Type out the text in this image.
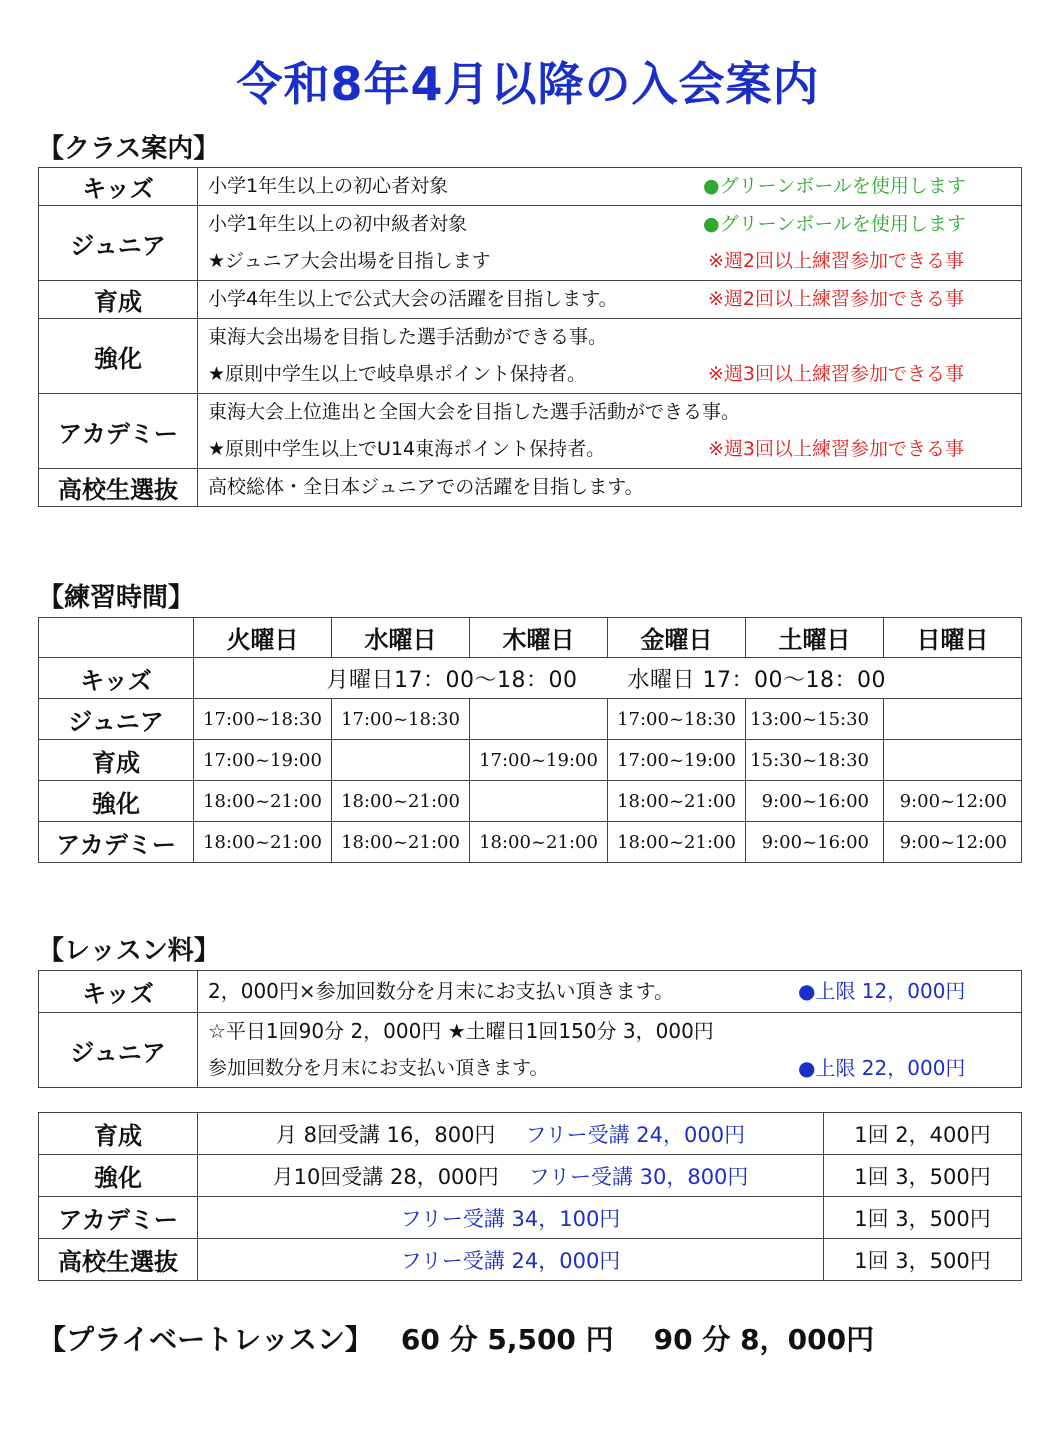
令和8年4月以降の入会案内
【クラス案内】
キッズ	小学1年生以上の初心者対象 ●グリーンボールを使用します

ジュニア	小学1年生以上の初中級者対象 ●グリーンボールを使用します
★ジュニア大会出場を目指します ※週2回以上練習参加できる事

育成	小学4年生以上で公式大会の活躍を目指します。 ※週2回以上練習参加できる事

強化	東海大会出場を目指した選手活動ができる事。
★原則中学生以上で岐阜県ポイント保持者。 ※週3回以上練習参加できる事

アカデミー	東海大会上位進出と全国大会を目指した選手活動ができる事。
★原則中学生以上でU14東海ポイント保持者。 ※週3回以上練習参加できる事

高校生選抜	高校総体・全日本ジュニアでの活躍を目指します。
【練習時間】
	火曜日	水曜日	木曜日	金曜日	土曜日	日曜日
キッズ	月曜日17：00～18：00 水曜日 17：00～18：00					
ジュニア	17:00~18:30	17:00~18:30		17:00~18:30	13:00~15:30	
育成	17:00~19:00		17:00~19:00	17:00~19:00	15:30~18:30	
強化	18:00~21:00	18:00~21:00		18:00~21:00	9:00~16:00	9:00~12:00
アカデミー	18:00~21:00	18:00~21:00	18:00~21:00	18:00~21:00	9:00~16:00	9:00~12:00
【レッスン料】
キッズ	2，000円×参加回数分を月末にお支払い頂きます。 ●上限 12，000円

ジュニア	☆平日1回90分 2，000円 ★土曜日1回150分 3，000円
参加回数分を月末にお支払い頂きます。 ●上限 22，000円
育成	月 8回受講 16，800円 フリー受講 24，000円	1回 2，400円
強化	月10回受講 28，000円 フリー受講 30，800円	1回 3，500円
アカデミー	フリー受講 34，100円	1回 3，500円
高校生選抜	フリー受講 24，000円	1回 3，500円
【プライベートレッスン】 60 分 5,500 円 90 分 8，000円
